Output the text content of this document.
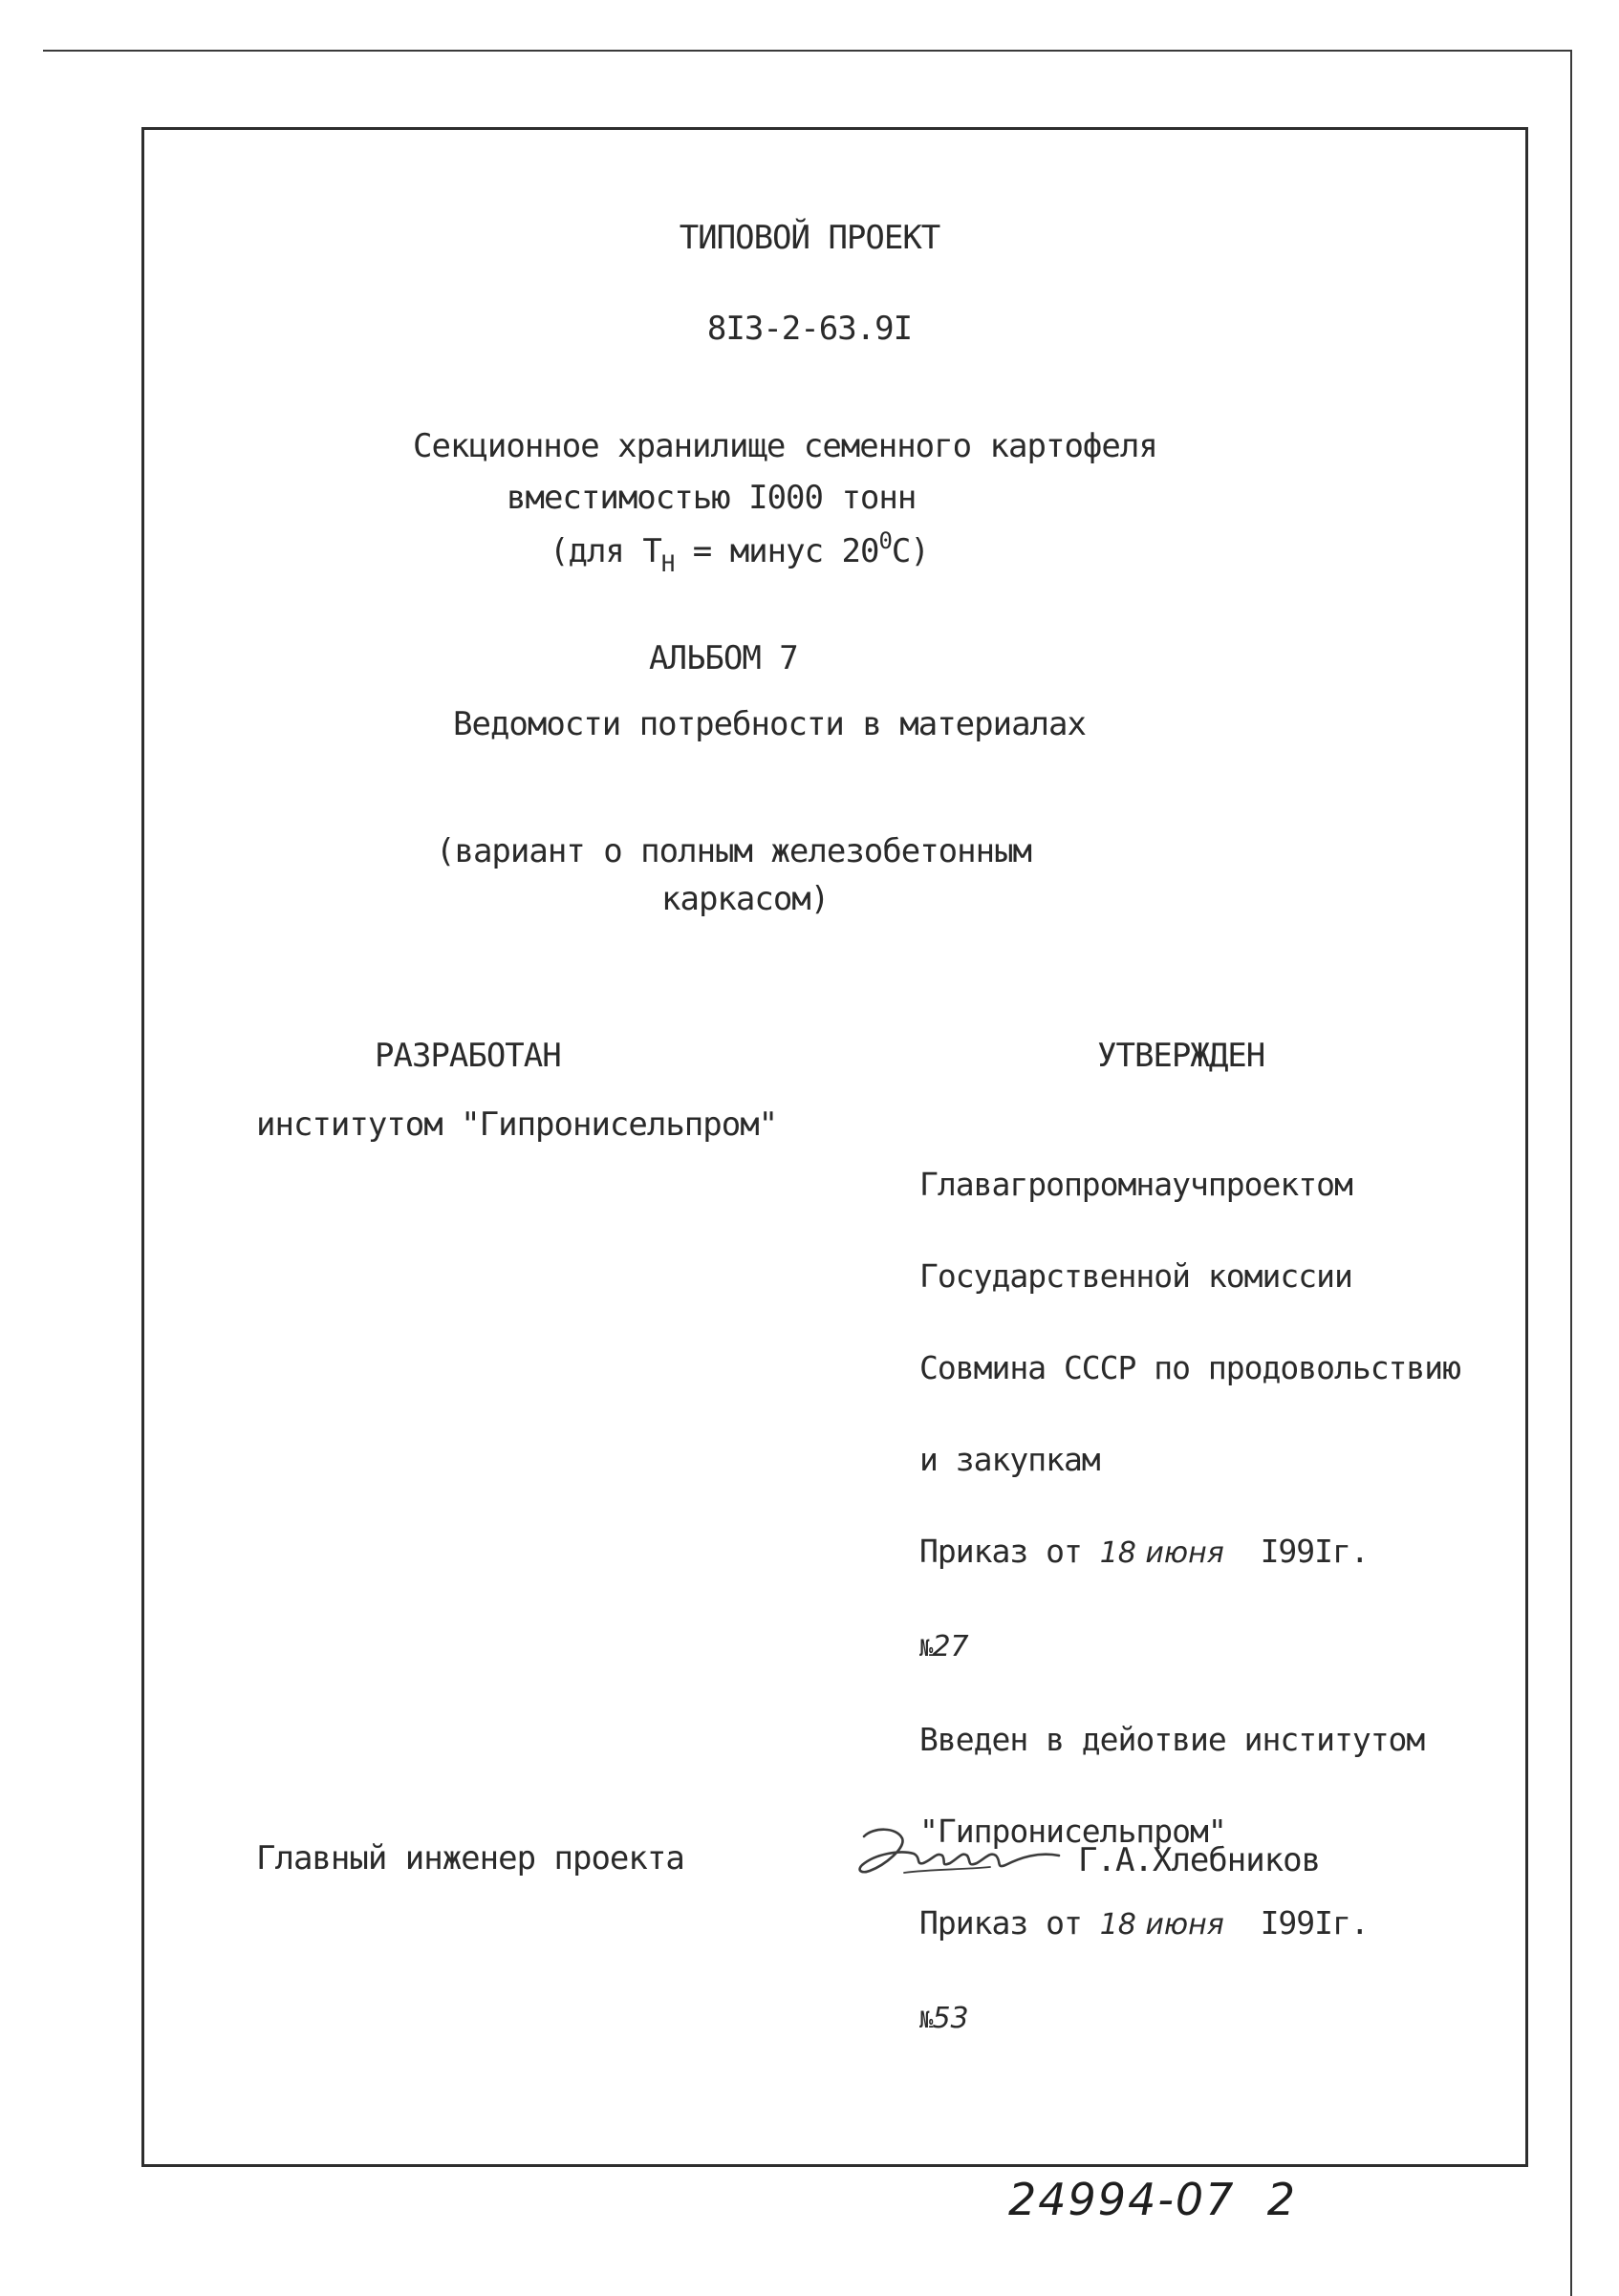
ТИПОВОЙ ПРОЕКТ
8I3-2-63.9I
Секционное хранилище семенного картофеля
вместимостью I000 тонн
(для $Т_Н$ = минус $20^0С$)
АЛЬБОМ 7
Ведомости потребности в материалах
(вариант о полным железобетонным
каркасом)
РАЗРАБОТАН
институтом "Гипронисельпром"
УТВЕРЖДЕН

Главагропромнаучпроектом

Государственной комиссии

Совмина СССР по продовольствию

и закупкам

Приказ от 18 июня I99Iг.

№27

Введен в дейотвие институтом

"Гипронисельпром"

Приказ от 18 июня I99Iг.

№53

Главный инженер проекта	Г.А.Хлебников
24994-07  2
